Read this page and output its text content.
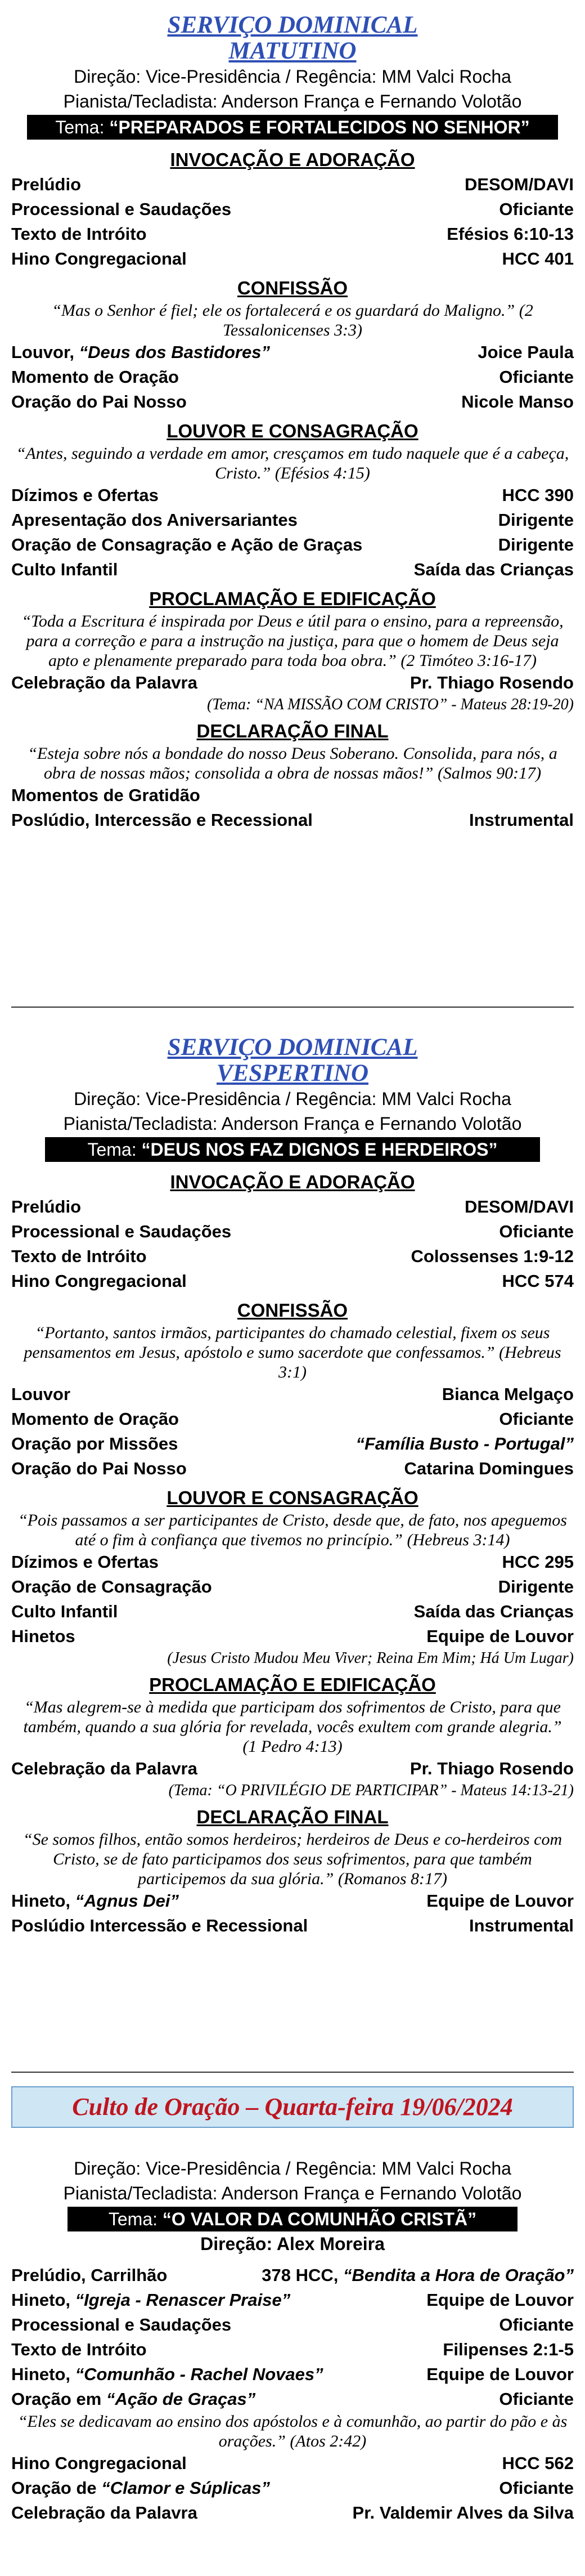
SERVIÇO DOMINICAL
MATUTINO
Direção: Vice-Presidência / Regência: MM Valci Rocha
Pianista/Tecladista: Anderson França e Fernando Volotão
Tema: “PREPARADOS E FORTALECIDOS NO SENHOR”
INVOCAÇÃO E ADORAÇÃO
Prelúdio	DESOM/DAVI
Processional e Saudações	Oficiante
Texto de Intróito	Efésios 6:10-13
Hino Congregacional	HCC 401
CONFISSÃO
“Mas o Senhor é fiel; ele os fortalecerá e os guardará do Maligno.” (2 Tessalonicenses 3:3)
Louvor, “Deus dos Bastidores”	Joice Paula
Momento de Oração	Oficiante
Oração do Pai Nosso	Nicole Manso
LOUVOR E CONSAGRAÇÃO
“Antes, seguindo a verdade em amor, cresçamos em tudo naquele que é a cabeça, Cristo.” (Efésios 4:15)
Dízimos e Ofertas	HCC 390
Apresentação dos Aniversariantes	Dirigente
Oração de Consagração e Ação de Graças	Dirigente
Culto Infantil	Saída das Crianças
PROCLAMAÇÃO E EDIFICAÇÃO
“Toda a Escritura é inspirada por Deus e útil para o ensino, para a repreensão, para a correção e para a instrução na justiça, para que o homem de Deus seja apto e plenamente preparado para toda boa obra.” (2 Timóteo 3:16-17)
Celebração da Palavra	Pr. Thiago Rosendo
(Tema: “NA MISSÃO COM CRISTO” - Mateus 28:19-20)
DECLARAÇÃO FINAL
“Esteja sobre nós a bondade do nosso Deus Soberano. Consolida, para nós, a obra de nossas mãos; consolida a obra de nossas mãos!” (Salmos 90:17)
Momentos de Gratidão
Poslúdio, Intercessão e Recessional	Instrumental
SERVIÇO DOMINICAL
VESPERTINO
Direção: Vice-Presidência / Regência: MM Valci Rocha
Pianista/Tecladista: Anderson França e Fernando Volotão
Tema: “DEUS NOS FAZ DIGNOS E HERDEIROS”
INVOCAÇÃO E ADORAÇÃO
Prelúdio	DESOM/DAVI
Processional e Saudações	Oficiante
Texto de Intróito	Colossenses 1:9-12
Hino Congregacional	HCC 574
CONFISSÃO
“Portanto, santos irmãos, participantes do chamado celestial, fixem os seus pensamentos em Jesus, apóstolo e sumo sacerdote que confessamos.” (Hebreus 3:1)
Louvor	Bianca Melgaço
Momento de Oração	Oficiante
Oração por Missões	“Família Busto - Portugal”
Oração do Pai Nosso	Catarina Domingues
LOUVOR E CONSAGRAÇÃO
“Pois passamos a ser participantes de Cristo, desde que, de fato, nos apeguemos até o fim à confiança que tivemos no princípio.” (Hebreus 3:14)
Dízimos e Ofertas	HCC 295
Oração de Consagração	Dirigente
Culto Infantil	Saída das Crianças
Hinetos	Equipe de Louvor
(Jesus Cristo Mudou Meu Viver; Reina Em Mim; Há Um Lugar)
PROCLAMAÇÃO E EDIFICAÇÃO
“Mas alegrem-se à medida que participam dos sofrimentos de Cristo, para que também, quando a sua glória for revelada, vocês exultem com grande alegria.” (1 Pedro 4:13)
Celebração da Palavra	Pr. Thiago Rosendo
(Tema: “O PRIVILÉGIO DE PARTICIPAR” - Mateus 14:13-21)
DECLARAÇÃO FINAL
“Se somos filhos, então somos herdeiros; herdeiros de Deus e co-herdeiros com Cristo, se de fato participamos dos seus sofrimentos, para que também participemos da sua glória.” (Romanos 8:17)
Hineto, “Agnus Dei”	Equipe de Louvor
Poslúdio Intercessão e Recessional	Instrumental
Culto de Oração – Quarta-feira 19/06/2024
Direção: Vice-Presidência / Regência: MM Valci Rocha
Pianista/Tecladista: Anderson França e Fernando Volotão
Tema: “O VALOR DA COMUNHÃO CRISTÃ”
Direção: Alex Moreira
Prelúdio, Carrilhão	378 HCC, “Bendita a Hora de Oração”
Hineto, “Igreja - Renascer Praise”	Equipe de Louvor
Processional e Saudações	Oficiante
Texto de Intróito	Filipenses 2:1-5
Hineto, “Comunhão - Rachel Novaes”	Equipe de Louvor
Oração em “Ação de Graças”	Oficiante
“Eles se dedicavam ao ensino dos apóstolos e à comunhão, ao partir do pão e às orações.” (Atos 2:42)
Hino Congregacional	HCC 562
Oração de “Clamor e Súplicas”	Oficiante
Celebração da Palavra	Pr. Valdemir Alves da Silva
